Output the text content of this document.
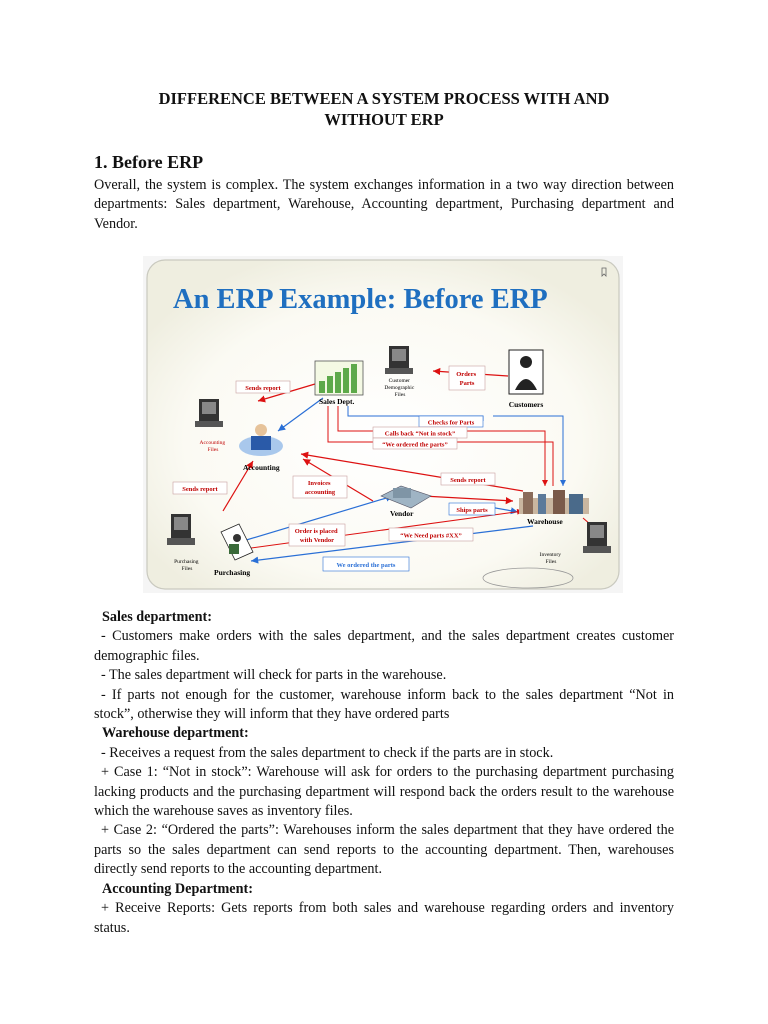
DIFFERENCE BETWEEN A SYSTEM PROCESS WITH AND
WITHOUT ERP
1. Before ERP
Overall, the system is complex. The system exchanges information in a two way direction between departments: Sales department, Warehouse, Accounting department, Purchasing department and Vendor.
An ERP Example: Before ERP
Sales Dept.
Customer Demographic Files
Customers
Accounting Files
Accounting
Vendor
Warehouse
Purchasing Files	Purchasing
Inventory Files
Sends report
Orders Parts
Checks for Parts
Calls back “Not in stock”
“We ordered the parts”
Invoices accounting
Sends report
Sends report
Ships parts
Order is placed with Vendor
“We Need parts #XX”
We ordered the parts
Sales department:
- Customers make orders with the sales department, and the sales department creates customer demographic files.
- The sales department will check for parts in the warehouse.
- If parts not enough for the customer, warehouse inform back to the sales department “Not in stock”, otherwise they will inform that they have ordered parts
Warehouse department:
- Receives a request from the sales department to check if the parts are in stock.
+ Case 1: “Not in stock”: Warehouse will ask for orders to the purchasing department purchasing lacking products and the purchasing department will respond back the orders result to the warehouse which the warehouse saves as inventory files.
+ Case 2: “Ordered the parts”: Warehouses inform the sales department that they have ordered the parts so the sales department can send reports to the accounting department. Then, warehouses directly send reports to the accounting department.
Accounting Department:
+ Receive Reports: Gets reports from both sales and warehouse regarding orders and inventory status.
